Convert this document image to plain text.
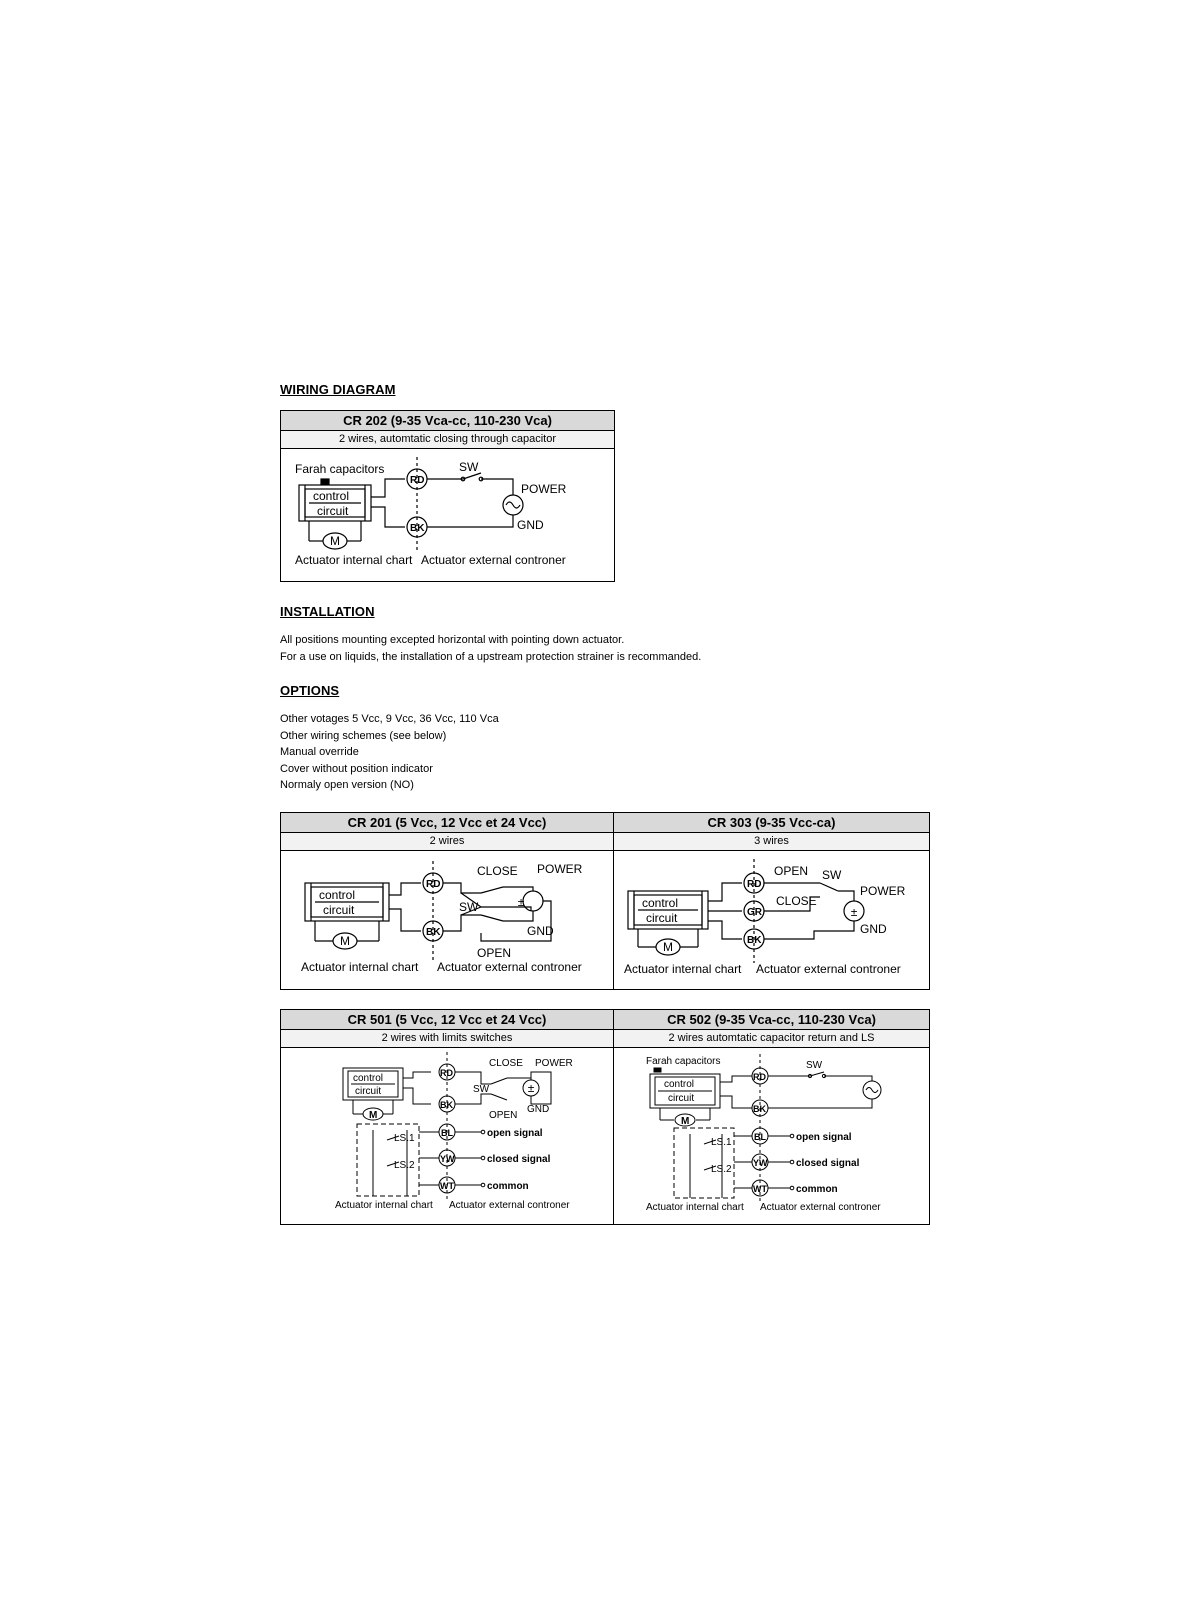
WIRING DIAGRAM
CR 202 (9-35 Vca-cc, 110-230 Vca)
2 wires, automtatic closing through capacitor
Farah capacitors
control
circuit
M
RD
BK
SW
POWER
GND
Actuator internal chart Actuator external controner
INSTALLATION
All positions mounting excepted horizontal with pointing down actuator.
For a use on liquids, the installation of a upstream protection strainer is recommanded.
OPTIONS
Other votages 5 Vcc, 9 Vcc, 36 Vcc, 110 Vca
Other wiring schemes (see below)
Manual override
Cover without position indicator
Normaly open version (NO)
CR 201 (5 Vcc, 12 Vcc et 24 Vcc)
2 wires
±
control
circuit
M
RD
BK
CLOSE POWER
SW
GND
OPEN
Actuator internal chart Actuator external controner
CR 303 (9-35 Vcc-ca)
3 wires
±
control
circuit
M
RD
GR
BK
OPEN SW
CLOSE
POWER
GND
Actuator internal chart Actuator external controner
CR 501 (5 Vcc, 12 Vcc et 24 Vcc)
2 wires with limits switches
±
control
circuit
M
RD
BK
BL
YW
WT
CLOSE POWER
SW
GND
OPEN
LS.1
LS.2
open signal
closed signal
common
Actuator internal chart Actuator external controner
CR 502 (9-35 Vca-cc, 110-230 Vca)
2 wires automtatic capacitor return and LS
Farah capacitors
control
circuit
M
RD
BK
BL
YW
WT
SW
LS.1
LS.2
open signal
closed signal
common
Actuator internal chart Actuator external controner
